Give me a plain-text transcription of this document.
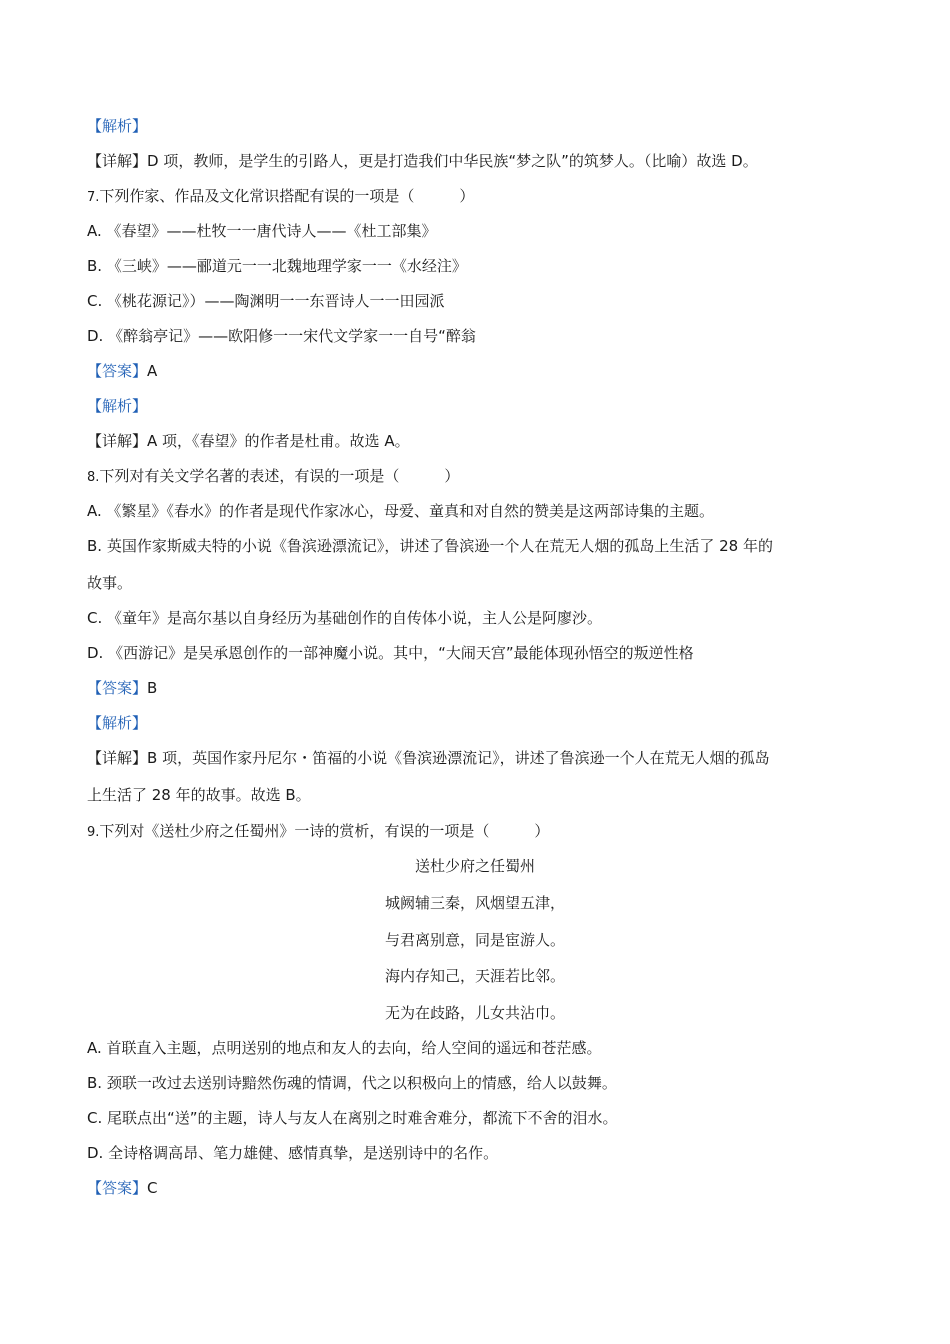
【解析】
【详解】D 项，教师，是学生的引路人，更是打造我们中华民族“梦之队”的筑梦人。（比喻）故选 D。
7.下列作家、作品及文化常识搭配有误的一项是（　　　）
A. 《春望》——杜牧一一唐代诗人——《杜工部集》
B. 《三峡》——郦道元一一北魏地理学家一一《水经注》
C. 《桃花源记》）——陶渊明一一东晋诗人一一田园派
D. 《醉翁亭记》——欧阳修一一宋代文学家一一自号“醉翁
【答案】A
【解析】
【详解】A 项，《春望》的作者是杜甫。故选 A。
8.下列对有关文学名著的表述，有误的一项是（　　　）
A. 《繁星》《春水》的作者是现代作家冰心，母爱、童真和对自然的赞美是这两部诗集的主题。
B. 英国作家斯威夫特的小说《鲁滨逊漂流记》，讲述了鲁滨逊一个人在荒无人烟的孤岛上生活了 28 年的
故事。
C. 《童年》是高尔基以自身经历为基础创作的自传体小说，主人公是阿廖沙。
D. 《西游记》是吴承恩创作的一部神魔小说。其中，“大闹天宫”最能体现孙悟空的叛逆性格
【答案】B
【解析】
【详解】B 项，英国作家丹尼尔・笛福的小说《鲁滨逊漂流记》，讲述了鲁滨逊一个人在荒无人烟的孤岛
上生活了 28 年的故事。故选 B。
9.下列对《送杜少府之任蜀州》一诗的赏析，有误的一项是（　　　）
送杜少府之任蜀州
城阙辅三秦，风烟望五津，
与君离别意，同是宦游人。
海内存知己，天涯若比邻。
无为在歧路，儿女共沾巾。
A. 首联直入主题，点明送别的地点和友人的去向，给人空间的遥远和苍茫感。
B. 颈联一改过去送别诗黯然伤魂的情调，代之以积极向上的情感，给人以鼓舞。
C. 尾联点出“送”的主题，诗人与友人在离别之时难舍难分，都流下不舍的泪水。
D. 全诗格调高昂、笔力雄健、感情真挚，是送别诗中的名作。
【答案】C
